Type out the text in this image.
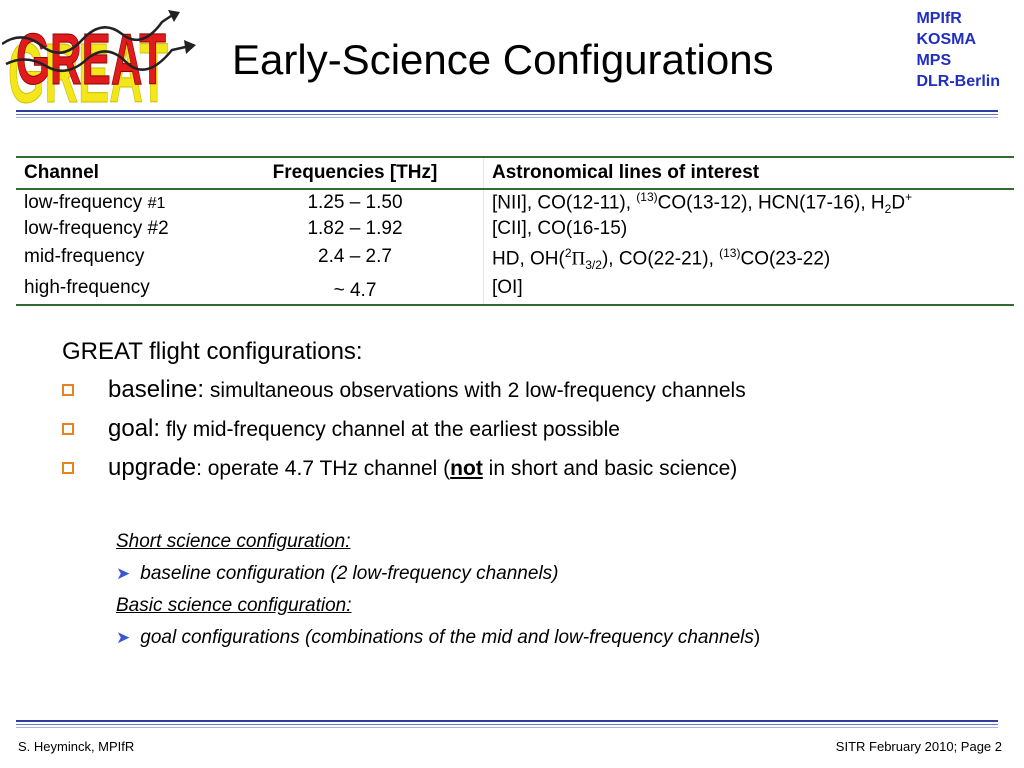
GREAT
GREAT Early-Science Configurations
MPIfR
KOSMA
MPS
DLR-Berlin
Channel	Frequencies [THz]	Astronomical lines of interest
low-frequency #1	1.25 – 1.50	[NII], CO(12-11), $^{(13)}$CO(13-12), HCN(17-16), $H_2D^+$
low-frequency #2	1.82 – 1.92	[CII], CO(16-15)
mid-frequency	2.4 – 2.7	HD, $OH(^2\Pi_{3/2})$, CO(22-21), $^{(13)}$CO(23-22)
high-frequency	~ 4.7	[OI]
GREAT flight configurations:
baseline: simultaneous observations with 2 low-frequency channels
goal: fly mid-frequency channel at the earliest possible
upgrade: operate 4.7 THz channel (not in short and basic science)
Short science configuration:
➤ baseline configuration (2 low-frequency channels)
Basic science configuration:
➤ goal configurations (combinations of the mid and low-frequency channels)
S. Heyminck, MPIfR	SITR February 2010; Page 2
